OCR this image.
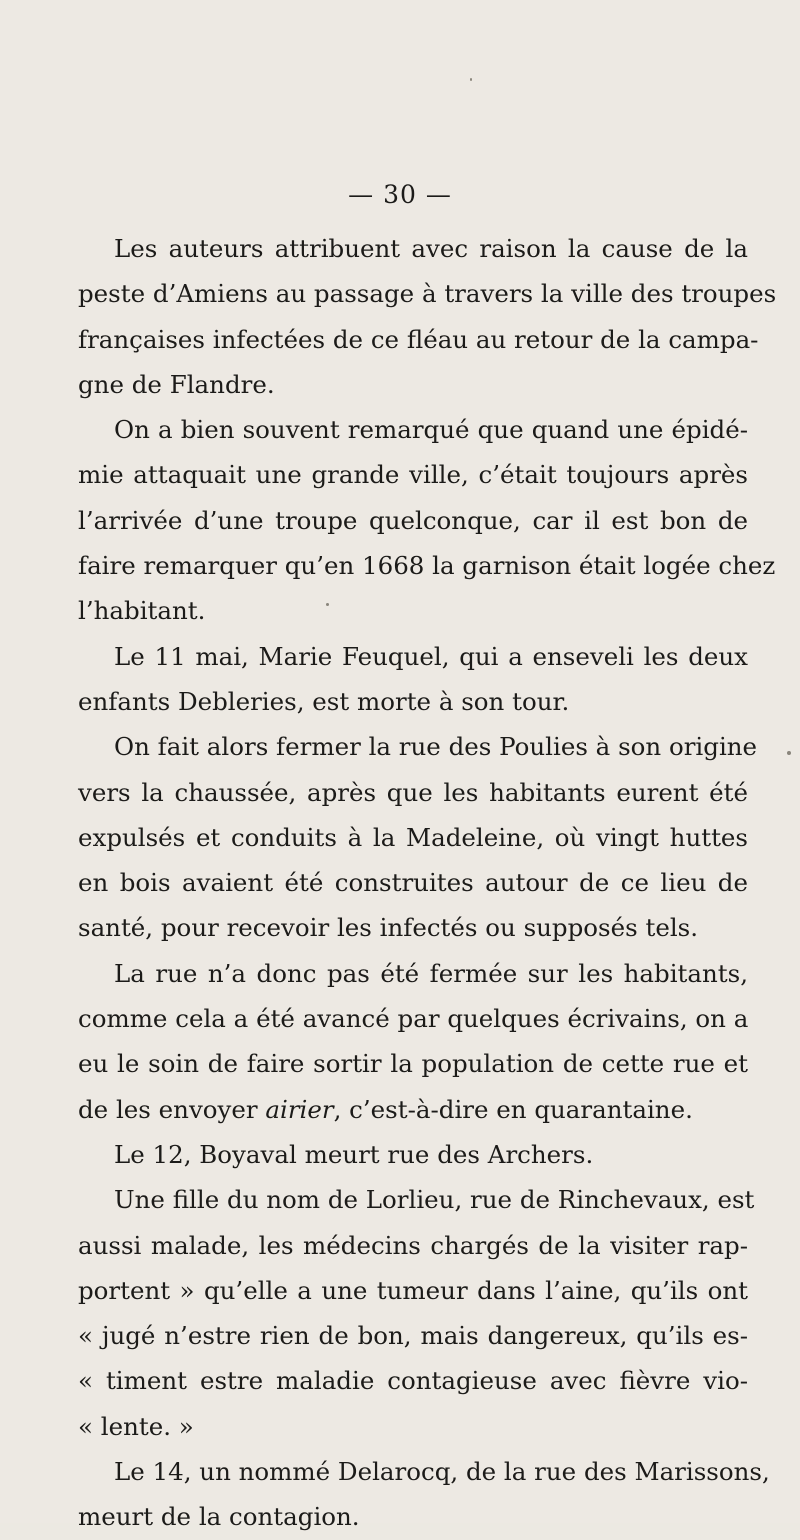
— 30 —
Les auteurs attribuent avec raison la cause de la
peste d’Amiens au passage à travers la ville des troupes
françaises infectées de ce fléau au retour de la campa-
gne de Flandre.
On a bien souvent remarqué que quand une épidé-
mie attaquait une grande ville, c’était toujours après
l’arrivée d’une troupe quelconque, car il est bon de
faire remarquer qu’en 1668 la garnison était logée chez
l’habitant.
Le 11 mai, Marie Feuquel, qui a enseveli les deux
enfants Debleries, est morte à son tour.
On fait alors fermer la rue des Poulies à son origine
vers la chaussée, après que les habitants eurent été
expulsés et conduits à la Madeleine, où vingt huttes
en bois avaient été construites autour de ce lieu de
santé, pour recevoir les infectés ou supposés tels.
La rue n’a donc pas été fermée sur les habitants,
comme cela a été avancé par quelques écrivains, on a
eu le soin de faire sortir la population de cette rue et
de les envoyer airier, c’est-à-dire en quarantaine.
Le 12, Boyaval meurt rue des Archers.
Une fille du nom de Lorlieu, rue de Rinchevaux, est
aussi malade, les médecins chargés de la visiter rap-
portent » qu’elle a une tumeur dans l’aine, qu’ils ont
« jugé n’estre rien de bon, mais dangereux, qu’ils es-
« timent estre maladie contagieuse avec fièvre vio-
« lente. »
Le 14, un nommé Delarocq, de la rue des Marissons,
meurt de la contagion.
